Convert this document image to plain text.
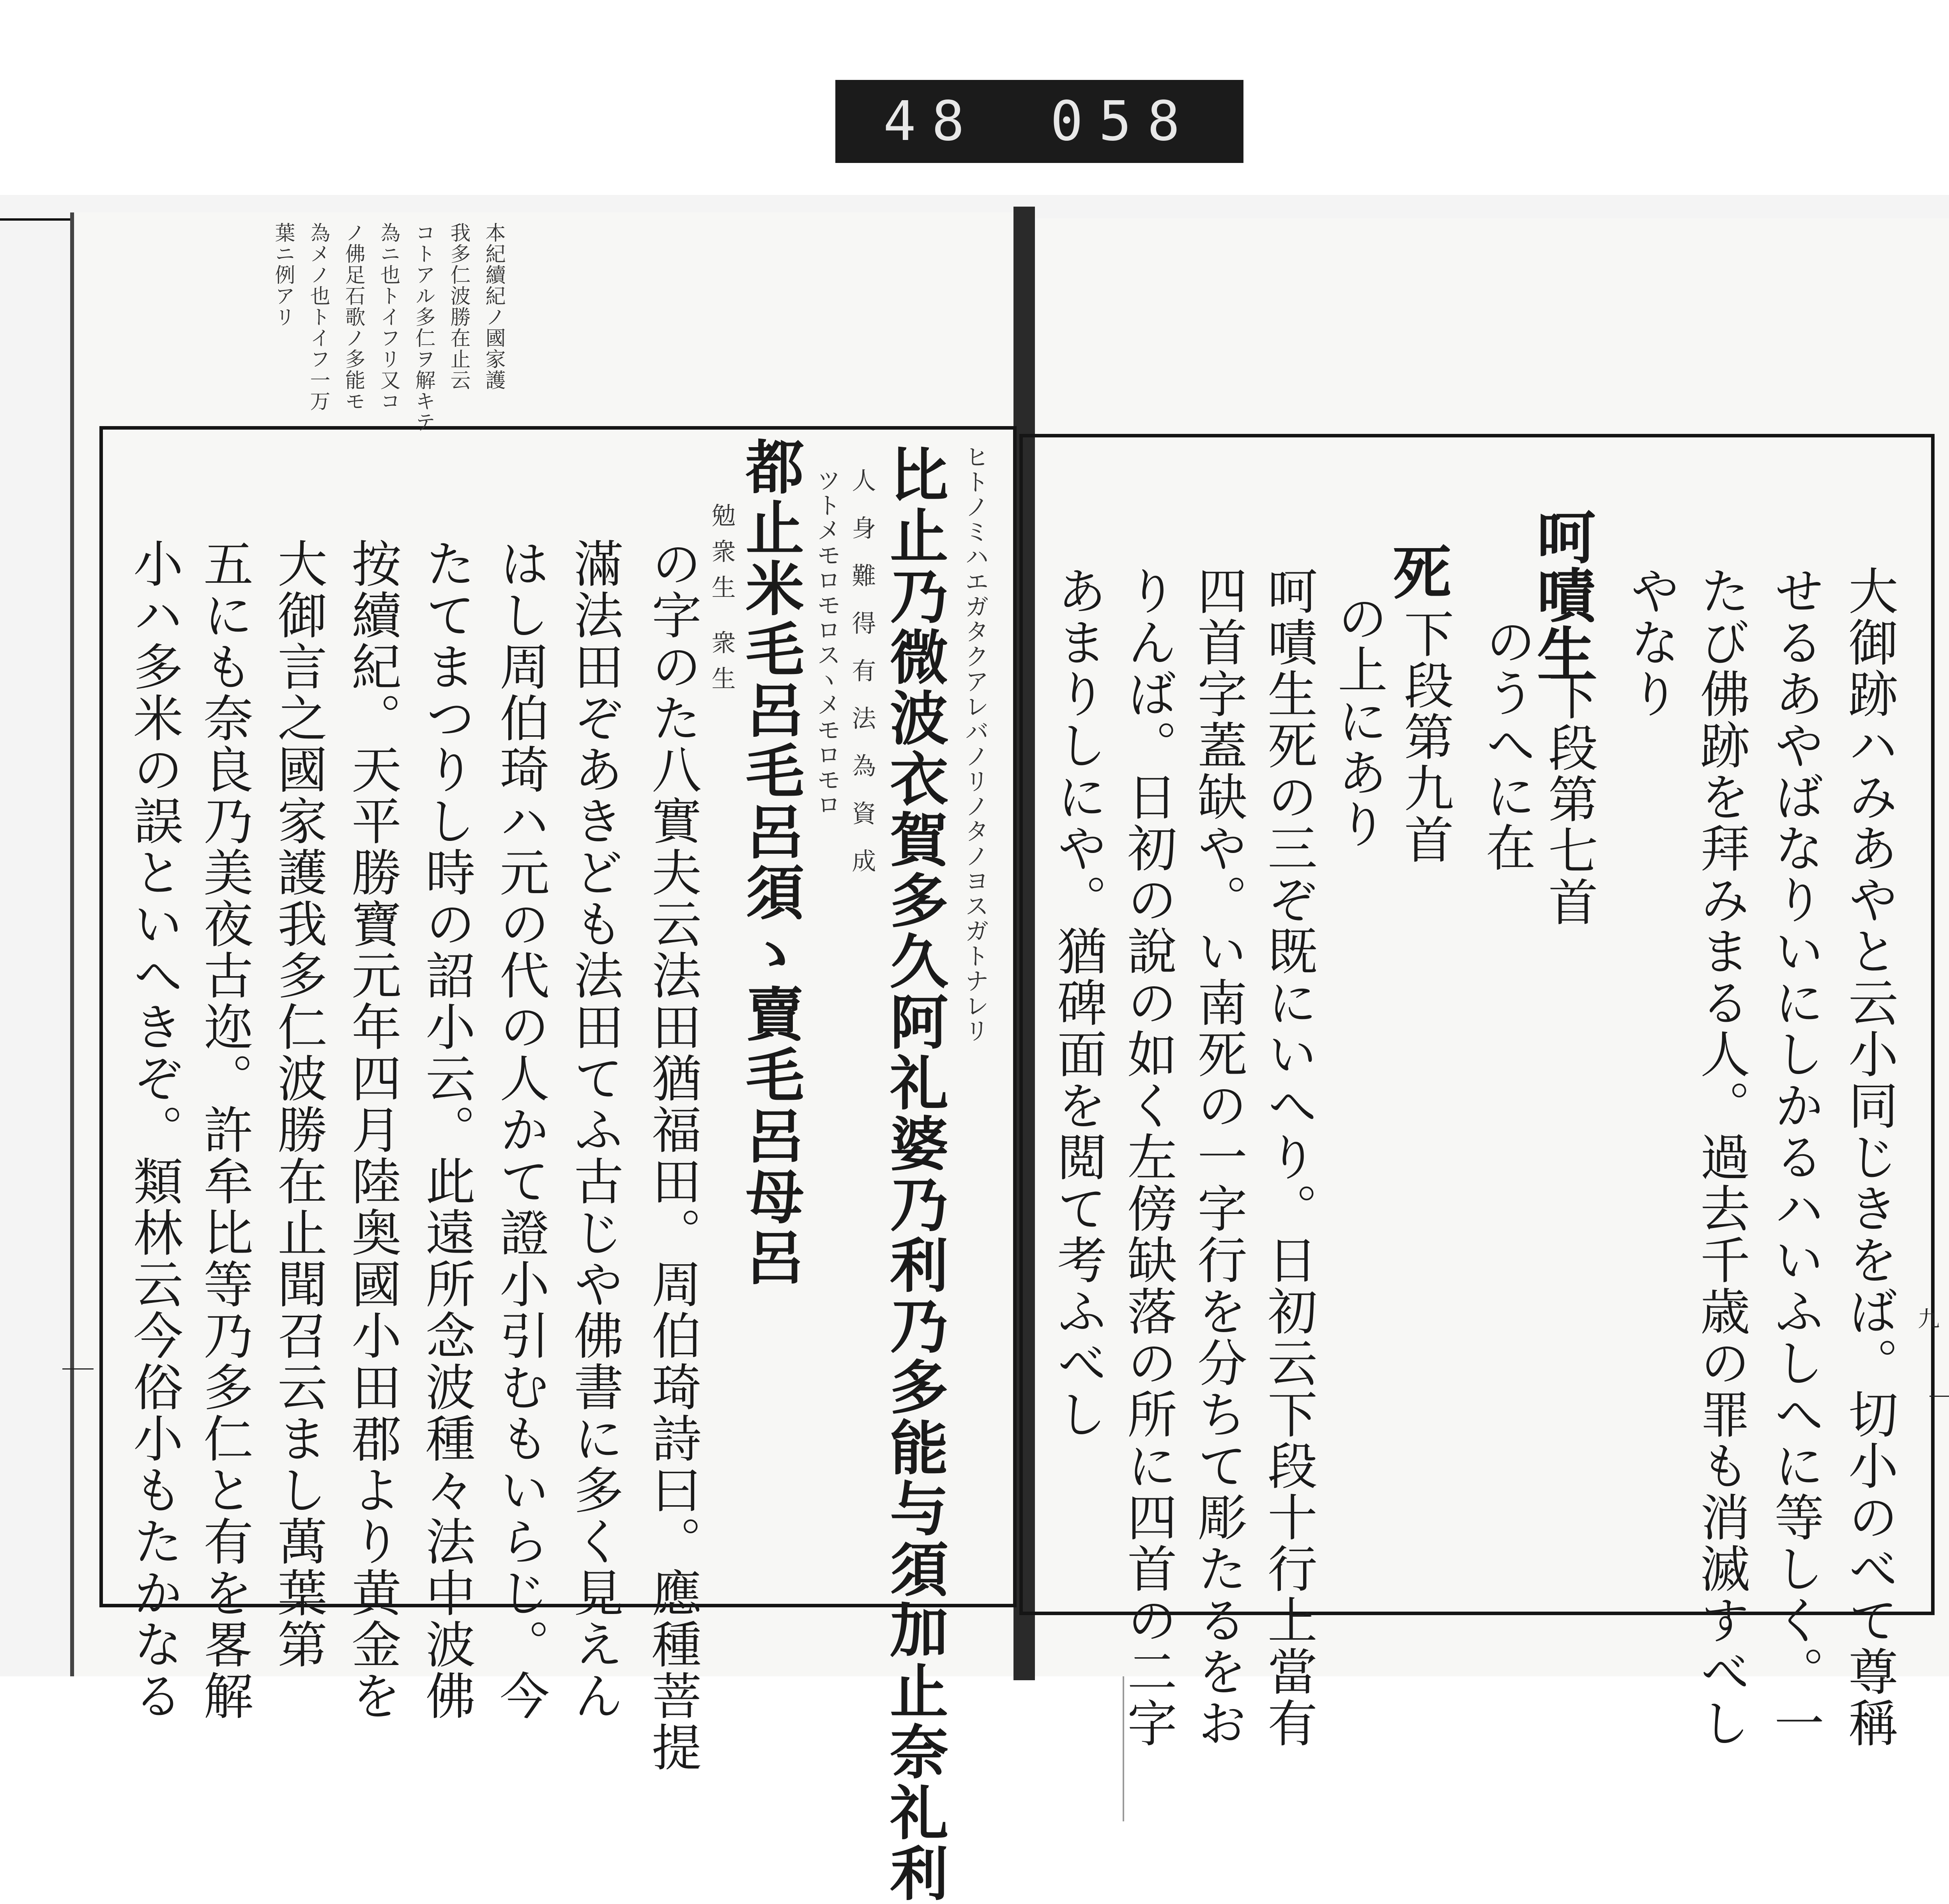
48 058
本紀續紀ノ國家護
我多仁波勝在止云
コトアル多仁ヲ解キテ
為ニ也トイフリ又コ
ノ佛足石歌ノ多能モ
為メノ也トイフ一万
葉ニ例アリ
ヒトノミハエガタクアレバノリノタノヨスガトナレリ
比止乃微波衣賀多久阿礼婆乃利乃多能与須加止奈礼利
人身難得有法為資成
ツトメモロモロスヽメモロモロ
都止米毛呂毛呂須ゝ賣毛呂母呂
勉衆生 衆生
の字のた八實夫云法田猶福田。周伯琦詩曰。應種菩提
滿法田ぞあきども法田てふ古じや佛書に多く見えん
はし周伯琦ハ元の代の人かて證小引むもいらじ。今
たてまつりし時の詔小云。此遠所念波種々法中波佛
按續紀。天平勝寶元年四月陸奥國小田郡より黄金を
大御言之國家護我多仁波勝在止聞召云まし萬葉第
五にも奈良乃美夜古迩。許牟比等乃多仁と有を畧解
小ハ多米の誤といへきぞ。類林云今俗小もたかなる	大御跡ハみあやと云小同じきをば。切小のべて尊稱
せるあやばなりいにしかるハいふしへに等しく。一
たび佛跡を拜みまる人。過去千歳の罪も消滅すべし
やなり
呵嘖生
下段第七首
のうへに在
死
下段第九首
の上にあり
呵嘖生死の三ぞ既にいへり。日初云下段十行上當有
四首字蓋缺や。い南死の一字行を分ちて彫たるをお
りんば。日初の說の如く左傍缺落の所に四首の二字
あまりしにや。猶碑面を閲て考ふべし	九
